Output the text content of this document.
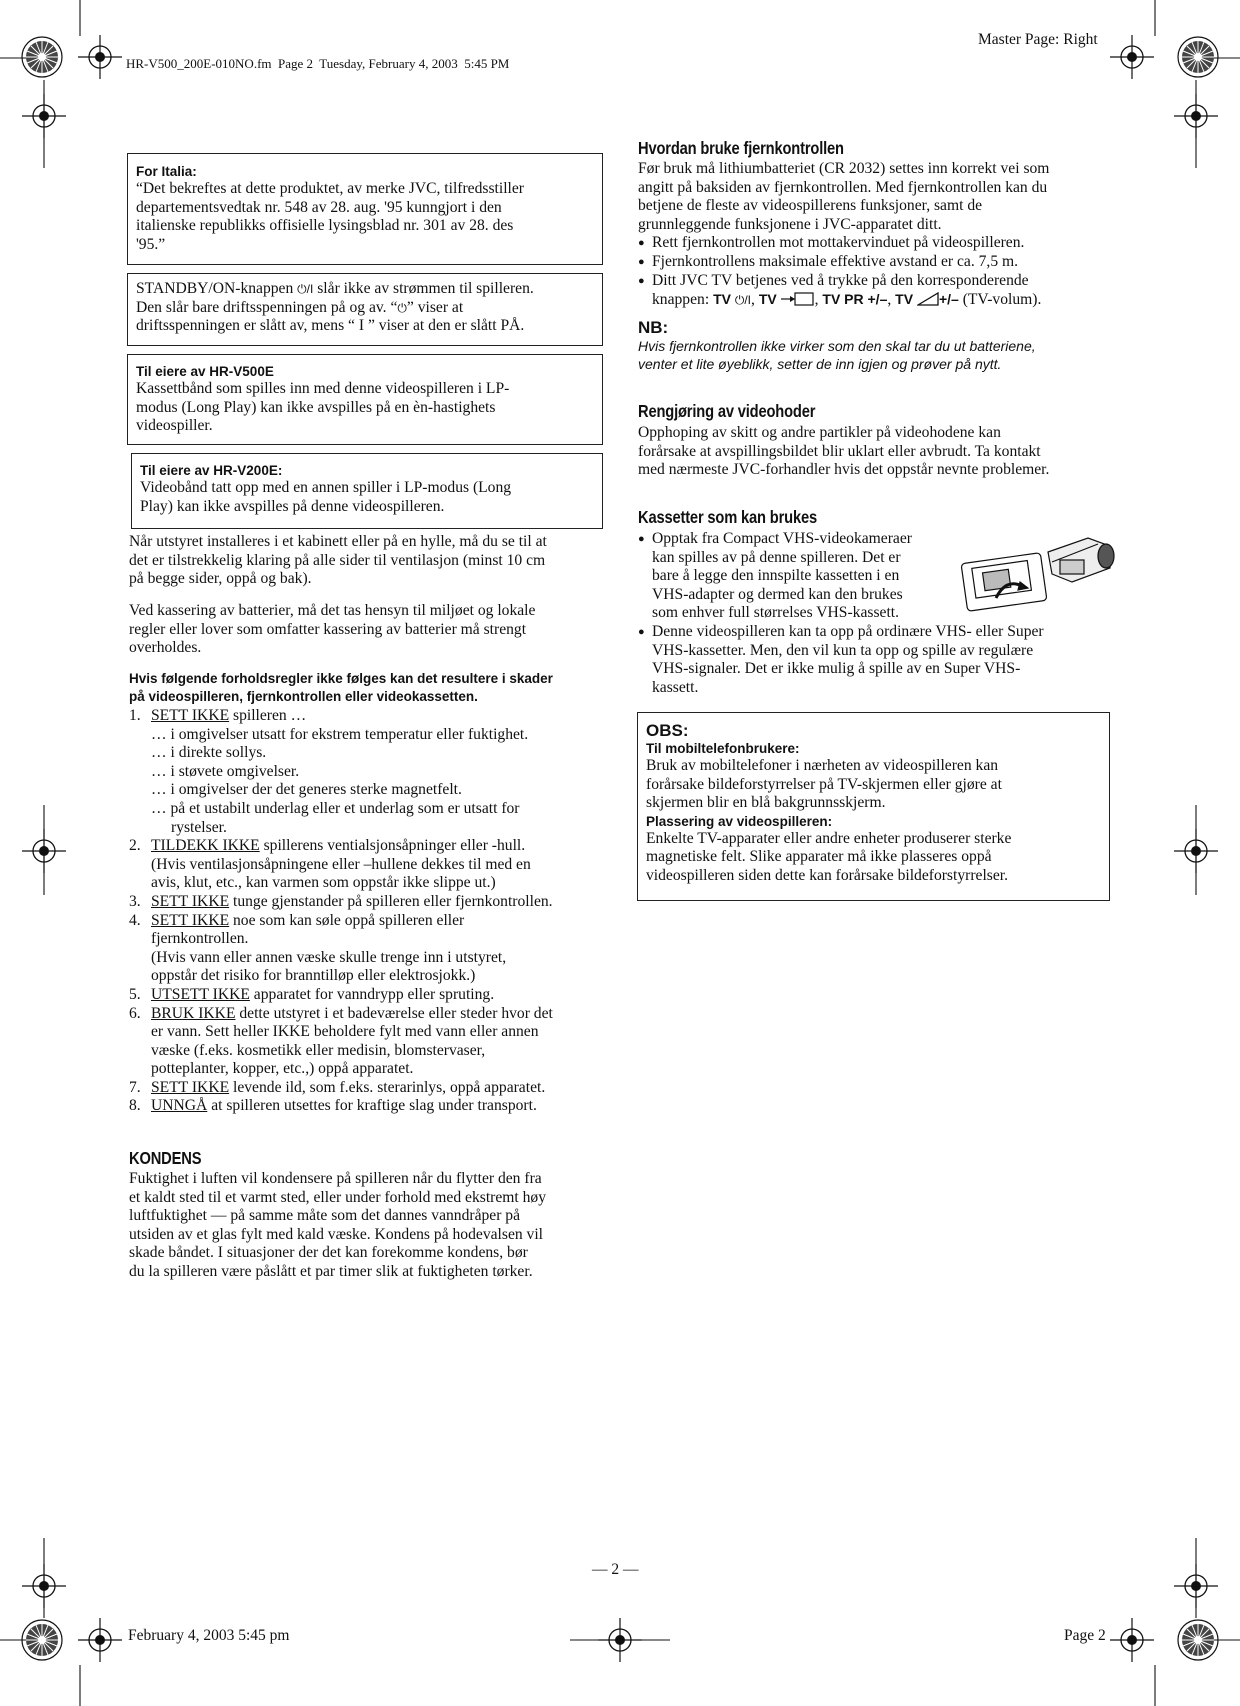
HR-V500_200E-010NO.fm  Page 2  Tuesday, February 4, 2003  5:45 PM
Master Page: Right
February 4, 2003 5:45 pm	Page 2
— 2 —
For Italia:
“Det bekreftes at dette produktet, av merke JVC, tilfredsstiller
departementsvedtak nr. 548 av 28. aug. '95 kunngjort i den
italienske republikks offisielle lysingsblad nr. 301 av 28. des
'95.”
STANDBY/ON-knappen ⏻/I slår ikke av strømmen til spilleren.
Den slår bare driftsspenningen på og av. “⏻” viser at
driftsspenningen er slått av, mens “ I ” viser at den er slått PÅ.
Til eiere av HR-V500E
Kassettbånd som spilles inn med denne videospilleren i LP-
modus (Long Play) kan ikke avspilles på en èn-hastighets
videospiller.
Til eiere av HR-V200E:
Videobånd tatt opp med en annen spiller i LP-modus (Long
Play) kan ikke avspilles på denne videospilleren.
Når utstyret installeres i et kabinett eller på en hylle, må du se til at
det er tilstrekkelig klaring på alle sider til ventilasjon (minst 10 cm
på begge sider, oppå og bak).
Ved kassering av batterier, må det tas hensyn til miljøet og lokale
regler eller lover som omfatter kassering av batterier må strengt
overholdes.
Hvis følgende forholdsregler ikke følges kan det resultere i skader
på videospilleren, fjernkontrollen eller videokassetten.
1. SETT IKKE spilleren …
… i omgivelser utsatt for ekstrem temperatur eller fuktighet.
… i direkte sollys.
… i støvete omgivelser.
… i omgivelser der det generes sterke magnetfelt.
… på et ustabilt underlag eller et underlag som er utsatt for
rystelser.
2. TILDEKK IKKE spillerens ventialsjonsåpninger eller -hull.
(Hvis ventilasjonsåpningene eller –hullene dekkes til med en
avis, klut, etc., kan varmen som oppstår ikke slippe ut.)
3. SETT IKKE tunge gjenstander på spilleren eller fjernkontrollen.
4. SETT IKKE noe som kan søle oppå spilleren eller
fjernkontrollen.
(Hvis vann eller annen væske skulle trenge inn i utstyret,
oppstår det risiko for branntilløp eller elektrosjokk.)
5. UTSETT IKKE apparatet for vanndrypp eller spruting.
6. BRUK IKKE dette utstyret i et badeværelse eller steder hvor det
er vann. Sett heller IKKE beholdere fylt med vann eller annen
væske (f.eks. kosmetikk eller medisin, blomstervaser,
potteplanter, kopper, etc.,) oppå apparatet.
7. SETT IKKE levende ild, som f.eks. sterarinlys, oppå apparatet.
8. UNNGÅ at spilleren utsettes for kraftige slag under transport.
KONDENS
Fuktighet i luften vil kondensere på spilleren når du flytter den fra
et kaldt sted til et varmt sted, eller under forhold med ekstremt høy
luftfuktighet — på samme måte som det dannes vanndråper på
utsiden av et glas fylt med kald væske. Kondens på hodevalsen vil
skade båndet. I situasjoner der det kan forekomme kondens, bør
du la spilleren være påslått et par timer slik at fuktigheten tørker.
Hvordan bruke fjernkontrollen
Før bruk må lithiumbatteriet (CR 2032) settes inn korrekt vei som
angitt på baksiden av fjernkontrollen. Med fjernkontrollen kan du
betjene de fleste av videospillerens funksjoner, samt de
grunnleggende funksjonene i JVC-apparatet ditt.
● Rett fjernkontrollen mot mottakervinduet på videospilleren.
● Fjernkontrollens maksimale effektive avstand er ca. 7,5 m.
● Ditt JVC TV betjenes ved å trykke på den korresponderende
knappen: TV ⏻/I, TV , TV PR +/–, TV +/– (TV-volum).
NB:
Hvis fjernkontrollen ikke virker som den skal tar du ut batteriene,
venter et lite øyeblikk, setter de inn igjen og prøver på nytt.
Rengjøring av videohoder
Opphoping av skitt og andre partikler på videohodene kan
forårsake at avspillingsbildet blir uklart eller avbrudt. Ta kontakt
med nærmeste JVC-forhandler hvis det oppstår nevnte problemer.
Kassetter som kan brukes
● Opptak fra Compact VHS-videokameraer
kan spilles av på denne spilleren. Det er
bare å legge den innspilte kassetten i en
VHS-adapter og dermed kan den brukes
som enhver full størrelses VHS-kassett.
● Denne videospilleren kan ta opp på ordinære VHS- eller Super
VHS-kassetter. Men, den vil kun ta opp og spille av regulære
VHS-signaler. Det er ikke mulig å spille av en Super VHS-
kassett.
OBS:
Til mobiltelefonbrukere:
Bruk av mobiltelefoner i nærheten av videospilleren kan
forårsake bildeforstyrrelser på TV-skjermen eller gjøre at
skjermen blir en blå bakgrunnsskjerm.
Plassering av videospilleren:
Enkelte TV-apparater eller andre enheter produserer sterke
magnetiske felt. Slike apparater må ikke plasseres oppå
videospilleren siden dette kan forårsake bildeforstyrrelser.
